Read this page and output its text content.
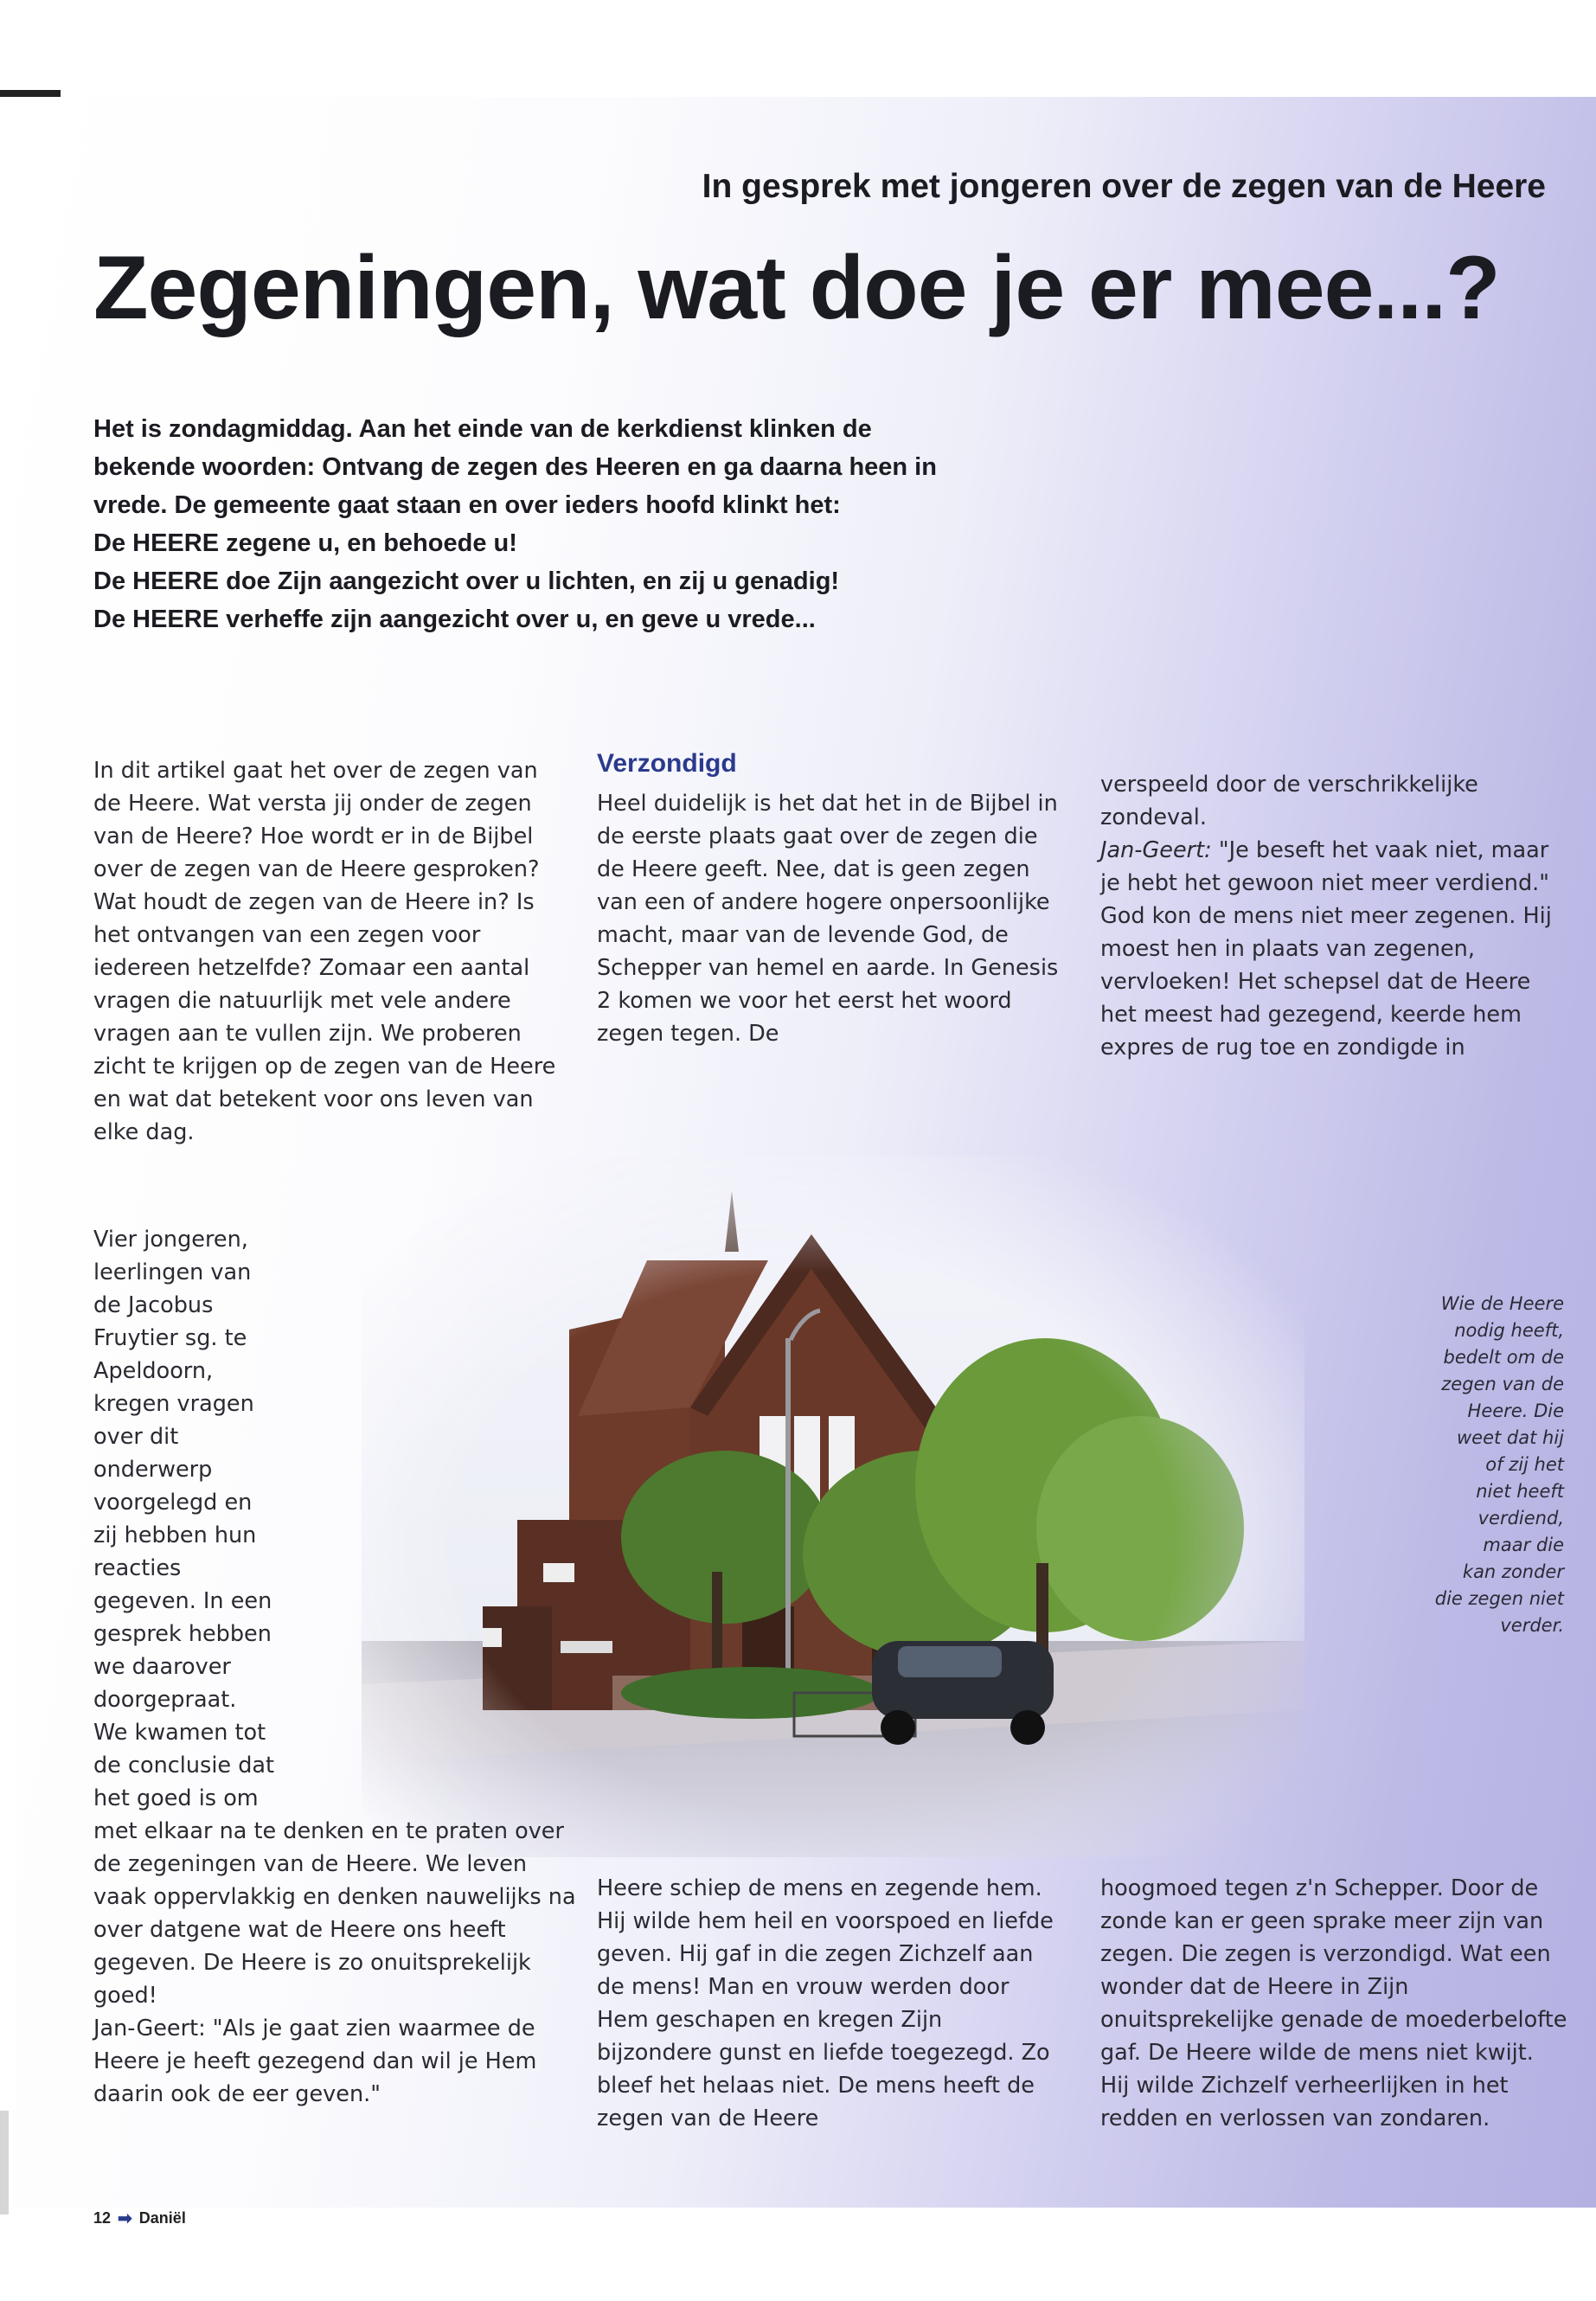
In gesprek met jongeren over de zegen van de Heere
Zegeningen, wat doe je er mee...?

Het is zondagmiddag. Aan het einde van de kerkdienst klinken de

bekende woorden: Ontvang de zegen des Heeren en ga daarna heen in

vrede. De gemeente gaat staan en over ieders hoofd klinkt het:

De HEERE zegene u, en behoede u!

De HEERE doe Zijn aangezicht over u lichten, en zij u genadig!

De HEERE verheffe zijn aangezicht over u, en geve u vrede...

In dit artikel gaat het over de zegen van de Heere. Wat versta jij onder de zegen van de Heere? Hoe wordt er in de Bijbel over de zegen van de Heere gesproken? Wat houdt de zegen van de Heere in? Is het ontvangen van een zegen voor iedereen hetzelfde? Zomaar een aantal vragen die natuurlijk met vele andere vragen aan te vullen zijn. We proberen zicht te krijgen op de zegen van de Heere en wat dat betekent voor ons leven van elke dag.

Verzondigd

Heel duidelijk is het dat het in de Bijbel in de eerste plaats gaat over de zegen die de Heere geeft. Nee, dat is geen zegen van een of andere hogere onpersoonlijke macht, maar van de levende God, de Schepper van hemel en aarde. In Genesis 2 komen we voor het eerst het woord zegen tegen. De

verspeeld door de verschrikkelijke zondeval.

Jan-Geert: "Je beseft het vaak niet, maar je hebt het gewoon niet meer verdiend."

God kon de mens niet meer zegenen. Hij moest hen in plaats van zegenen, vervloeken! Het schepsel dat de Heere het meest had gezegend, keerde hem expres de rug toe en zondigde in

Vier jongeren, leerlingen van de Jacobus Fruytier sg. te Apeldoorn, kregen vragen over dit onderwerp voorgelegd en zij hebben hun reacties gegeven. In een gesprek hebben we daarover doorgepraat.

We kwamen tot de conclusie dat het goed is om met elkaar na te denken en te praten over de zegeningen van de Heere. We leven vaak oppervlakkig en denken nauwelijks na over datgene wat de Heere ons heeft gegeven. De Heere is zo onuitsprekelijk goed!

Jan-Geert: "Als je gaat zien waarmee de Heere je heeft gezegend dan wil je Hem daarin ook de eer geven."

Wie de Heere
nodig heeft,
bedelt om de
zegen van de
Heere. Die
weet dat hij
of zij het
niet heeft
verdiend,
maar die
kan zonder
die zegen niet
verder.

Heere schiep de mens en zegende hem. Hij wilde hem heil en voorspoed en liefde geven. Hij gaf in die zegen Zichzelf aan de mens! Man en vrouw werden door Hem geschapen en kregen Zijn bijzondere gunst en liefde toegezegd. Zo bleef het helaas niet. De mens heeft de zegen van de Heere

hoogmoed tegen z'n Schepper. Door de zonde kan er geen sprake meer zijn van zegen. Die zegen is verzondigd. Wat een wonder dat de Heere in Zijn onuitsprekelijke genade de moederbelofte gaf. De Heere wilde de mens niet kwijt. Hij wilde Zichzelf verheerlijken in het redden en verlossen van zondaren.

12 ➡ Daniël
